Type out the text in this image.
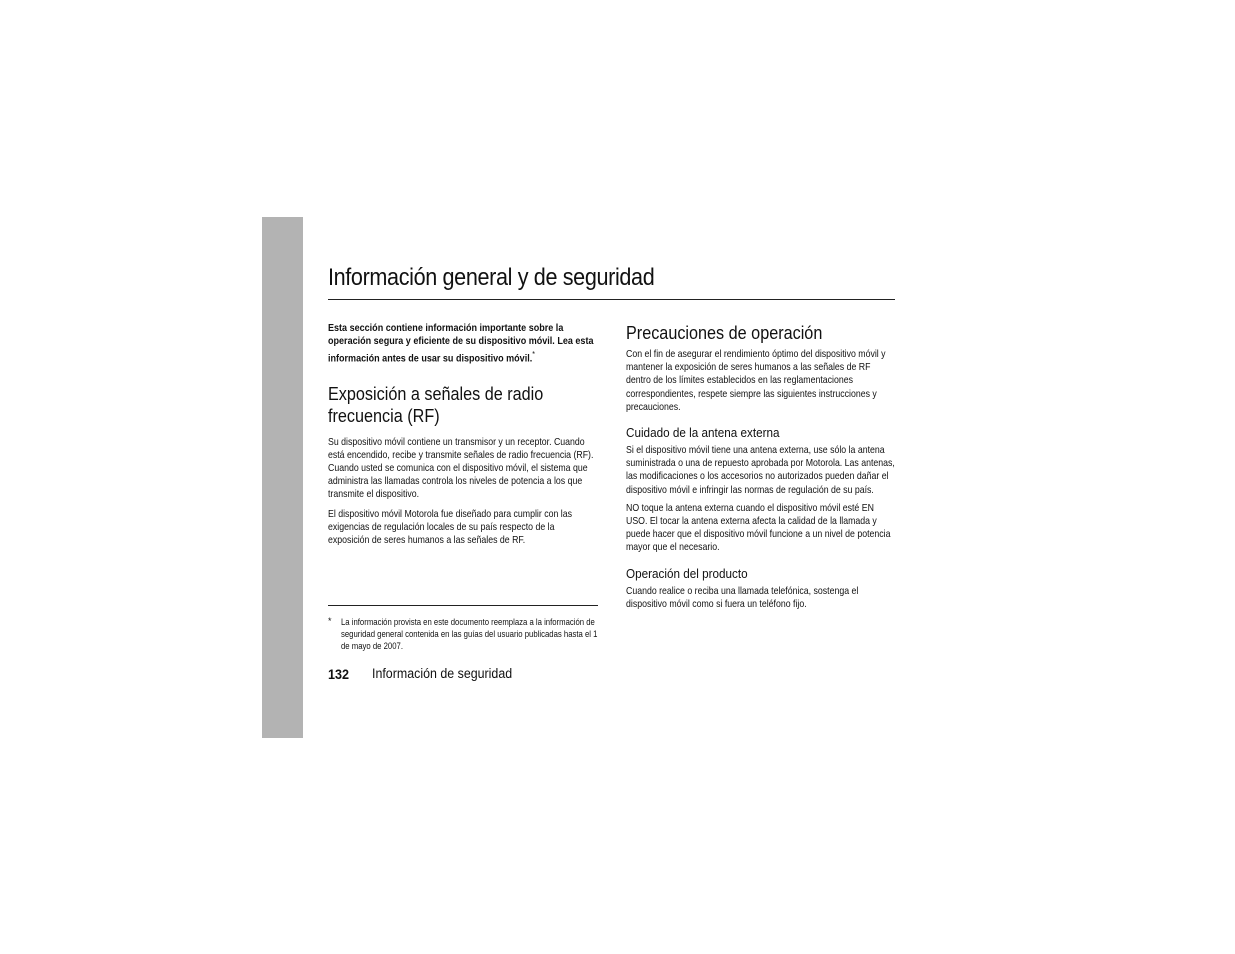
Información general y de seguridad

Esta sección contiene información importante sobre la operación segura y eficiente de su dispositivo móvil. Lea esta información antes de usar su dispositivo móvil.*

Exposición a señales de radio frecuencia (RF)

Su dispositivo móvil contiene un transmisor y un receptor. Cuando está encendido, recibe y transmite señales de radio frecuencia (RF). Cuando usted se comunica con el dispositivo móvil, el sistema que administra las llamadas controla los niveles de potencia a los que transmite el dispositivo.

El dispositivo móvil Motorola fue diseñado para cumplir con las exigencias de regulación locales de su país respecto de la exposición de seres humanos a las señales de RF.

* La información provista en este documento reemplaza a la información de seguridad general contenida en las guías del usuario publicadas hasta el 1 de mayo de 2007.
132 Información de seguridad
Precauciones de operación

Con el fin de asegurar el rendimiento óptimo del dispositivo móvil y mantener la exposición de seres humanos a las señales de RF dentro de los límites establecidos en las reglamentaciones correspondientes, respete siempre las siguientes instrucciones y precauciones.

Cuidado de la antena externa

Si el dispositivo móvil tiene una antena externa, use sólo la antena suministrada o una de repuesto aprobada por Motorola. Las antenas, las modificaciones o los accesorios no autorizados pueden dañar el dispositivo móvil e infringir las normas de regulación de su país.

NO toque la antena externa cuando el dispositivo móvil esté EN USO. El tocar la antena externa afecta la calidad de la llamada y puede hacer que el dispositivo móvil funcione a un nivel de potencia mayor que el necesario.

Operación del producto

Cuando realice o reciba una llamada telefónica, sostenga el dispositivo móvil como si fuera un teléfono fijo.
